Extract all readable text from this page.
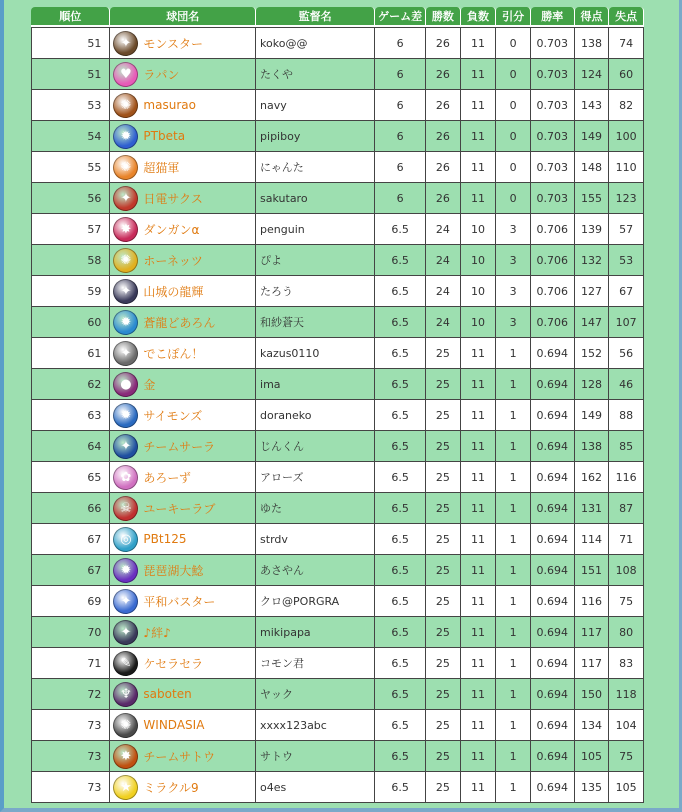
順位	球団名	監督名	ゲーム差	勝数	負数	引分	勝率	得点	失点
51	✦ モンスター	koko@@	6	26	11	0	0.703	138	74
51	♥ ラパン	たくや	6	26	11	0	0.703	124	60
53	✺ masurao	navy	6	26	11	0	0.703	143	82
54	✹ PTbeta	pipiboy	6	26	11	0	0.703	149	100
55	✺ 超猫軍	にゃんた	6	26	11	0	0.703	148	110
56	✦ 日電サクス	sakutaro	6	26	11	0	0.703	155	123
57	✸ ダンガンα	penguin	6.5	24	10	3	0.706	139	57
58	✺ ホーネッツ	ぴよ	6.5	24	10	3	0.706	132	53
59	✦ 山城の龍輝	たろう	6.5	24	10	3	0.706	127	67
60	✹ 蒼龍どあろん	和紗蒼天	6.5	24	10	3	0.706	147	107
61	✦ でこぽん！	kazus0110	6.5	25	11	1	0.694	152	56
62	● 金	ima	6.5	25	11	1	0.694	128	46
63	✹ サイモンズ	doraneko	6.5	25	11	1	0.694	149	88
64	✦ チームサーラ	じんくん	6.5	25	11	1	0.694	138	85
65	✿ あろーず	アローズ	6.5	25	11	1	0.694	162	116
66	☠ ユーキーラブ	ゆた	6.5	25	11	1	0.694	131	87
67	◎ PBt125	strdv	6.5	25	11	1	0.694	114	71
67	✹ 琵琶湖大鯰	あさやん	6.5	25	11	1	0.694	151	108
69	✦ 平和バスター	クロ@PORGRA	6.5	25	11	1	0.694	116	75
70	✦ ♪絆♪	mikipapa	6.5	25	11	1	0.694	117	80
71	✎ ケセラセラ	コモン君	6.5	25	11	1	0.694	117	83
72	♆ saboten	ヤック	6.5	25	11	1	0.694	150	118
73	✺ WINDASIA	xxxx123abc	6.5	25	11	1	0.694	134	104
73	✸ チームサトウ	サトウ	6.5	25	11	1	0.694	105	75
73	★ ミラクル9	o4es	6.5	25	11	1	0.694	135	105
